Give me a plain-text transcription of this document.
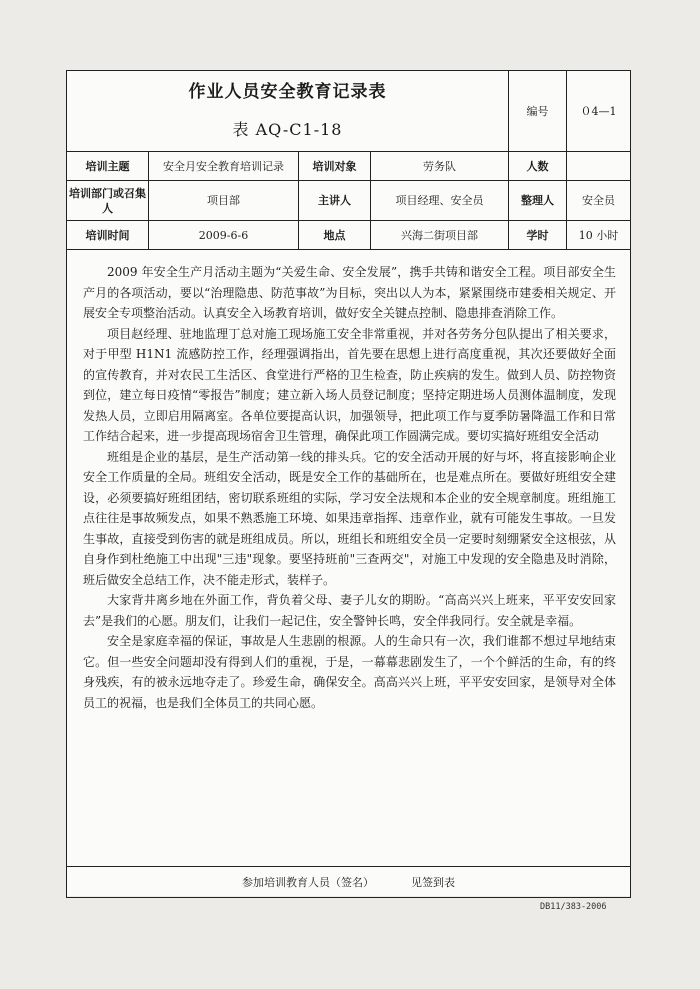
作业人员安全教育记录表
表 AQ-C1-18				编号	０4—1
培训主题	安全月安全教育培训记录	培训对象	劳务队	人数	
培训部门或召集人	项目部	主讲人	项目经理、安全员	整理人	安全员
培训时间	2009-6-6	地点	兴海二街项目部	学时	10 小时

2009 年安全生产月活动主题为“关爱生命、安全发展”，携手共铸和谐安全工程。项目部安全生产月的各项活动，要以“治理隐患、防范事故”为目标，突出以人为本，紧紧围绕市建委相关规定、开展安全专项整治活动。认真安全入场教育培训，做好安全关键点控制、隐患排查消除工作。

项目赵经理、驻地监理丁总对施工现场施工安全非常重视，并对各劳务分包队提出了相关要求，对于甲型 H1N1 流感防控工作，经理强调指出，首先要在思想上进行高度重视，其次还要做好全面的宣传教育，并对农民工生活区、食堂进行严格的卫生检查，防止疾病的发生。做到人员、防控物资到位，建立每日疫情“零报告”制度；建立新入场人员登记制度；坚持定期进场人员测体温制度，发现发热人员，立即启用隔离室。各单位要提高认识，加强领导，把此项工作与夏季防暑降温工作和日常工作结合起来，进一步提高现场宿舍卫生管理，确保此项工作圆满完成。要切实搞好班组安全活动

班组是企业的基层，是生产活动第一线的排头兵。它的安全活动开展的好与坏，将直接影响企业安全工作质量的全局。班组安全活动，既是安全工作的基础所在，也是难点所在。要做好班组安全建设，必须要搞好班组团结，密切联系班组的实际，学习安全法规和本企业的安全规章制度。班组施工点往往是事故频发点，如果不熟悉施工环境、如果违章指挥、违章作业，就有可能发生事故。一旦发生事故，直接受到伤害的就是班组成员。所以，班组长和班组安全员一定要时刻绷紧安全这根弦，从自身作到杜绝施工中出现"三违"现象。要坚持班前"三查两交"，对施工中发现的安全隐患及时消除，班后做安全总结工作，决不能走形式，装样子。

大家背井离乡地在外面工作，背负着父母、妻子儿女的期盼。“高高兴兴上班来，平平安安回家去”是我们的心愿。朋友们，让我们一起记住，安全警钟长鸣，安全伴我同行。安全就是幸福。

安全是家庭幸福的保证，事故是人生悲剧的根源。人的生命只有一次，我们谁都不想过早地结束它。但一些安全问题却没有得到人们的重视，于是，一幕幕悲剧发生了，一个个鲜活的生命，有的终身残疾，有的被永远地夺走了。珍爱生命，确保安全。高高兴兴上班，平平安安回家，是领导对全体员工的祝福，也是我们全体员工的共同心愿。					

参加培训教育人员（签名） 见签到表					
DB11/383-2006
